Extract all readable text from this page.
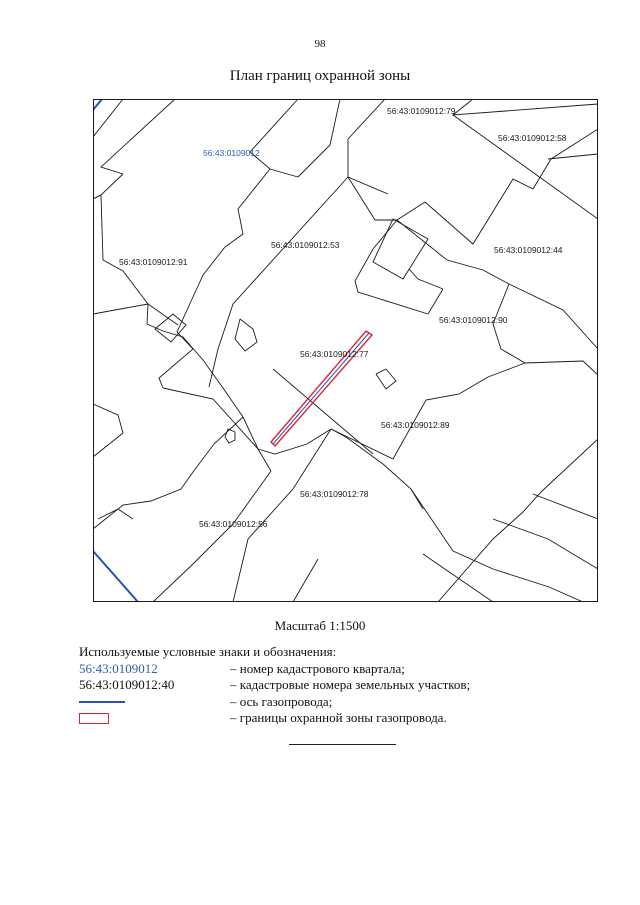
98
План границ охранной зоны
56:43:0109012
56:43:0109012:79
56:43:0109012:58
56:43:0109012:53
56:43:0109012:91
56:43:0109012:44
56:43:0109012:90
56:43:0109012:77
56:43:0109012:89
56:43:0109012:78
56:43:0109012:56
Масштаб 1:1500
Используемые условные знаки и обозначения:
56:43:0109012	– номер кадастрового квартала;
56:43:0109012:40	– кадастровые номера земельных участков;
– ось газопровода;
– границы охранной зоны газопровода.
